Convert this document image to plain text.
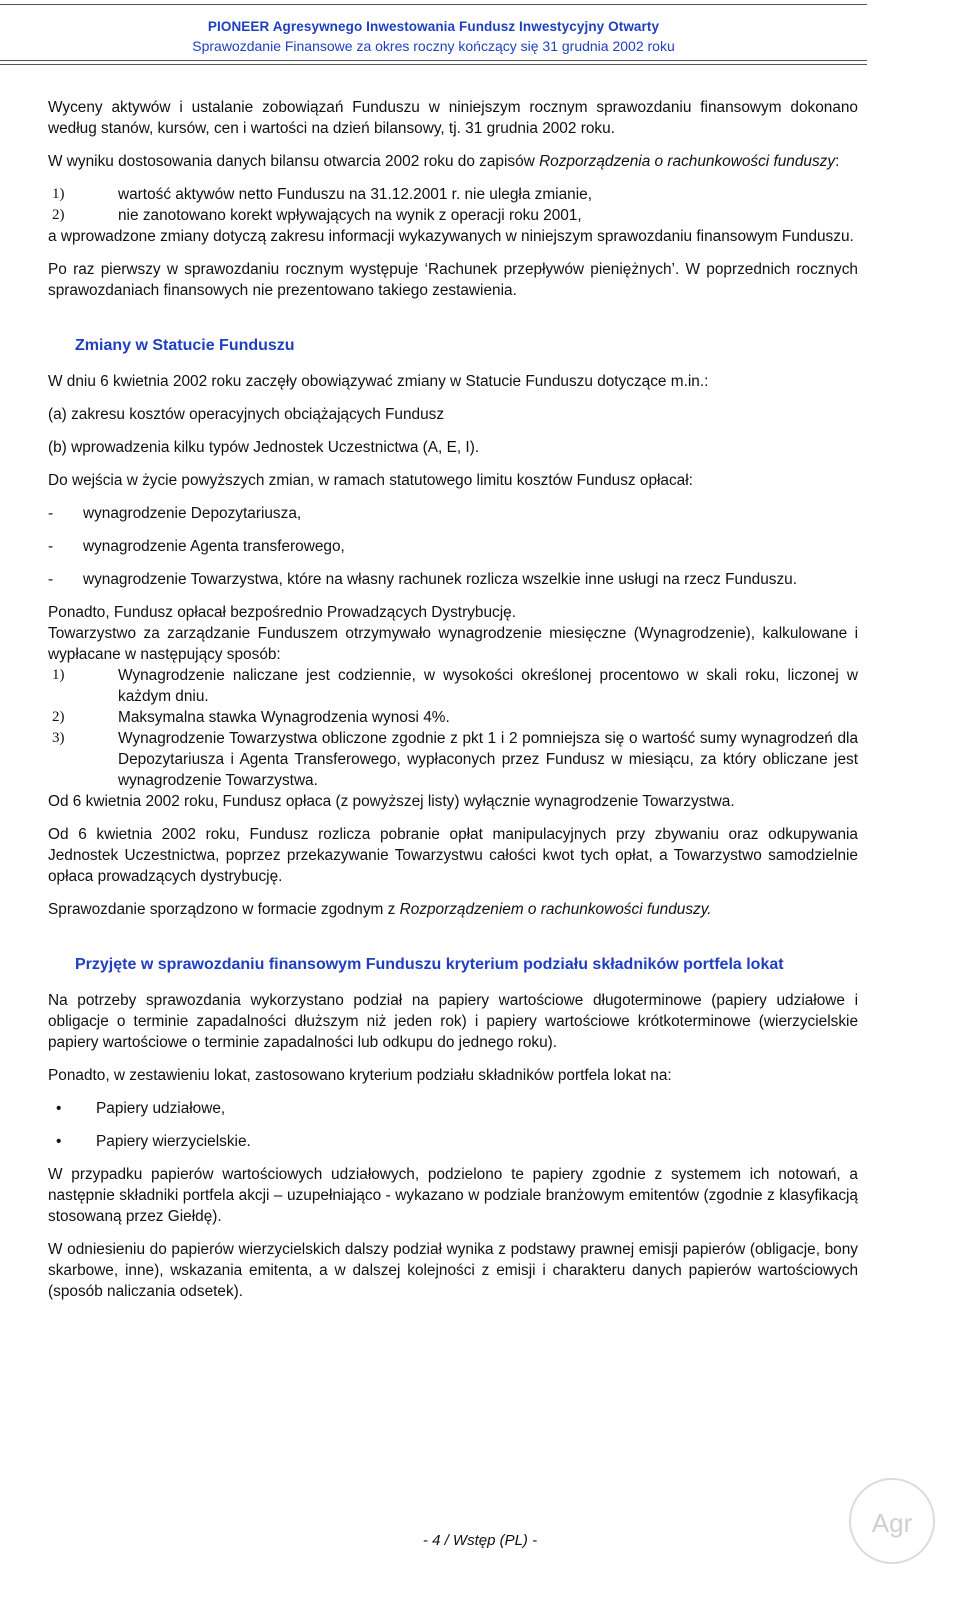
PIONEER Agresywnego Inwestowania Fundusz Inwestycyjny Otwarty
Sprawozdanie Finansowe za okres roczny kończący się 31 grudnia 2002 roku

Wyceny aktywów i ustalanie zobowiązań Funduszu w niniejszym rocznym sprawozdaniu finansowym dokonano według stanów, kursów, cen i wartości na dzień bilansowy, tj. 31 grudnia 2002 roku.

W wyniku dostosowania danych bilansu otwarcia 2002 roku do zapisów Rozporządzenia o rachunkowości funduszy:

1)	wartość aktywów netto Funduszu na 31.12.2001 r. nie uległa zmianie,
2)	nie zanotowano korekt wpływających na wynik z operacji roku 2001,

a wprowadzone zmiany dotyczą zakresu informacji wykazywanych w niniejszym sprawozdaniu finansowym Funduszu.

Po raz pierwszy w sprawozdaniu rocznym występuje ‘Rachunek przepływów pieniężnych’. W poprzednich rocznych sprawozdaniach finansowych nie prezentowano takiego zestawienia.

Zmiany w Statucie Funduszu

W dniu 6 kwietnia 2002 roku zaczęły obowiązywać zmiany w Statucie Funduszu dotyczące m.in.:

(a) zakresu kosztów operacyjnych obciążających Fundusz

(b) wprowadzenia kilku typów Jednostek Uczestnictwa (A, E, I).

Do wejścia w życie powyższych zmian, w ramach statutowego limitu kosztów Fundusz opłacał:

-	wynagrodzenie Depozytariusza,
-	wynagrodzenie Agenta transferowego,
-	wynagrodzenie Towarzystwa, które na własny rachunek rozlicza wszelkie inne usługi na rzecz Funduszu.

Ponadto, Fundusz opłacał bezpośrednio Prowadzących Dystrybucję.

Towarzystwo za zarządzanie Funduszem otrzymywało wynagrodzenie miesięczne (Wynagrodzenie), kalkulowane i wypłacane w następujący sposób:

1)	Wynagrodzenie naliczane jest codziennie, w wysokości określonej procentowo w skali roku, liczonej w każdym dniu.
2)	Maksymalna stawka Wynagrodzenia wynosi 4%.
3)	Wynagrodzenie Towarzystwa obliczone zgodnie z pkt 1 i 2 pomniejsza się o wartość sumy wynagrodzeń dla Depozytariusza i Agenta Transferowego, wypłaconych przez Fundusz w miesiącu, za który obliczane jest wynagrodzenie Towarzystwa.

Od 6 kwietnia 2002 roku, Fundusz opłaca (z powyższej listy) wyłącznie wynagrodzenie Towarzystwa.

Od 6 kwietnia 2002 roku, Fundusz rozlicza pobranie opłat manipulacyjnych przy zbywaniu oraz odkupywania Jednostek Uczestnictwa, poprzez przekazywanie Towarzystwu całości kwot tych opłat, a Towarzystwo samodzielnie opłaca prowadzących dystrybucję.

Sprawozdanie sporządzono w formacie zgodnym z Rozporządzeniem o rachunkowości funduszy.

Przyjęte w sprawozdaniu finansowym Funduszu kryterium podziału składników portfela lokat

Na potrzeby sprawozdania wykorzystano podział na papiery wartościowe długoterminowe (papiery udziałowe i obligacje o terminie zapadalności dłuższym niż jeden rok) i papiery wartościowe krótkoterminowe (wierzycielskie papiery wartościowe o terminie zapadalności lub odkupu do jednego roku).

Ponadto, w zestawieniu lokat, zastosowano kryterium podziału składników portfela lokat na:

•	Papiery udziałowe,
•	Papiery wierzycielskie.

W przypadku papierów wartościowych udziałowych, podzielono te papiery zgodnie z systemem ich notowań, a następnie składniki portfela akcji – uzupełniająco - wykazano w podziale branżowym emitentów (zgodnie z klasyfikacją stosowaną przez Giełdę).

W odniesieniu do papierów wierzycielskich dalszy podział wynika z podstawy prawnej emisji papierów (obligacje, bony skarbowe, inne), wskazania emitenta, a w dalszej kolejności z emisji i charakteru danych papierów wartościowych (sposób naliczania odsetek).

- 4 / Wstęp (PL) -
Agr
